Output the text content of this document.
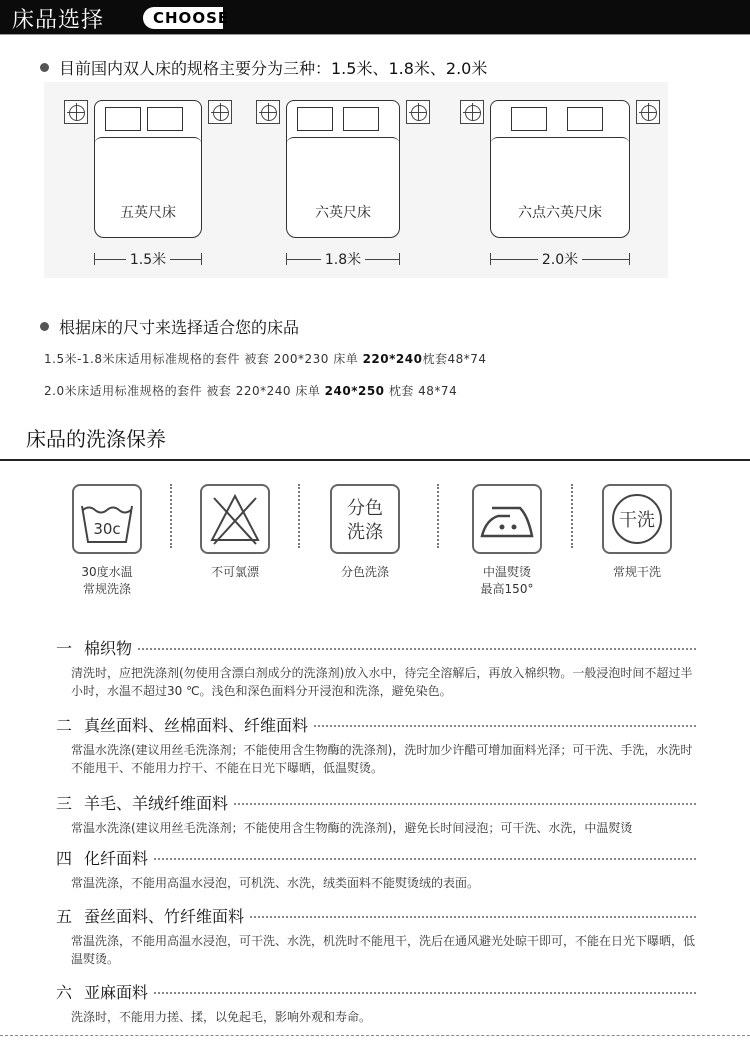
床品选择	CHOOSE
目前国内双人床的规格主要分为三种：1.5米、1.8米、2.0米
五英尺床
1.5米
六英尺床
1.8米
六点六英尺床
2.0米
根据床的尺寸来选择适合您的床品
1.5米-1.8米床适用标准规格的套件 被套 200*230 床单 220*240枕套48*74
2.0米床适用标准规格的套件 被套 220*240 床单 240*250 枕套 48*74
床品的洗涤保养
30c
30度水温
常规洗涤
不可氯漂
分色
洗涤
分色洗涤	中温熨烫
最高150°
干洗
常规干洗
一 棉织物
清洗时，应把洗涤剂(勿使用含漂白剂成分的洗涤剂)放入水中，待完全溶解后，再放入棉织物。一般浸泡时间不超过半小时，水温不超过30 ℃。浅色和深色面料分开浸泡和洗涤，避免染色。
二 真丝面料、丝棉面料、纤维面料
常温水洗涤(建议用丝毛洗涤剂；不能使用含生物酶的洗涤剂)，洗时加少许醋可增加面料光泽；可干洗、手洗，水洗时不能甩干、不能用力拧干、不能在日光下曝晒，低温熨烫。
三 羊毛、羊绒纤维面料
常温水洗涤(建议用丝毛洗涤剂；不能使用含生物酶的洗涤剂)，避免长时间浸泡；可干洗、水洗，中温熨烫
四 化纤面料
常温洗涤，不能用高温水浸泡，可机洗、水洗，绒类面料不能熨烫绒的表面。
五 蚕丝面料、竹纤维面料
常温洗涤，不能用高温水浸泡，可干洗、水洗，机洗时不能甩干，洗后在通风避光处晾干即可，不能在日光下曝晒，低温熨烫。
六 亚麻面料
洗涤时，不能用力搓、揉，以免起毛，影响外观和寿命。
